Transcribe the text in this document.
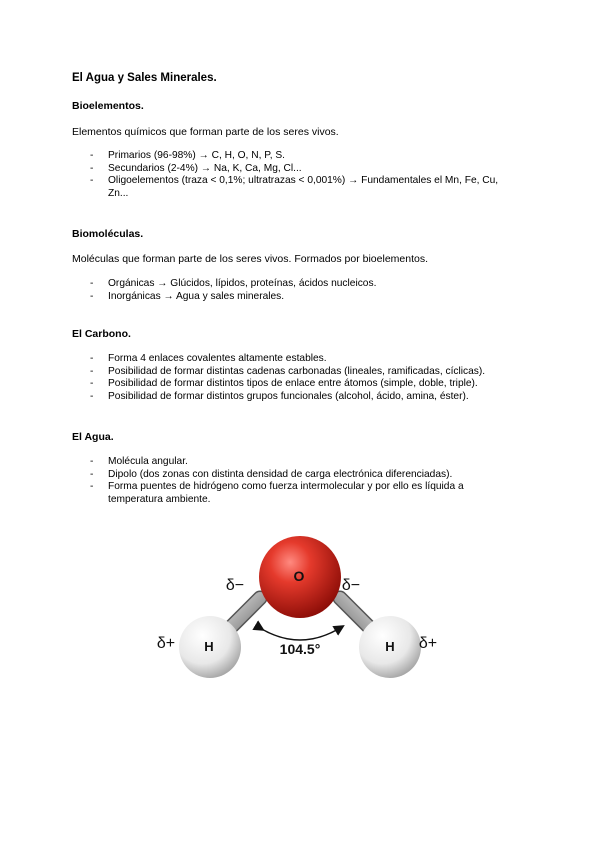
El Agua y Sales Minerales.
Bioelementos.

Elementos químicos que forman parte de los seres vivos.

- Primarios (96-98%) → C, H, O, N, P, S.
- Secundarios (2-4%) → Na, K, Ca, Mg, Cl...
- Oligoelementos (traza < 0,1%; ultratrazas < 0,001%) → Fundamentales el Mn, Fe, Cu, Zn...
Biomoléculas.

Moléculas que forman parte de los seres vivos. Formados por bioelementos.

- Orgánicas → Glúcidos, lípidos, proteínas, ácidos nucleicos.
- Inorgánicas → Agua y sales minerales.
El Carbono.
- Forma 4 enlaces covalentes altamente estables.
- Posibilidad de formar distintas cadenas carbonadas (lineales, ramificadas, cíclicas).
- Posibilidad de formar distintos tipos de enlace entre átomos (simple, doble, triple).
- Posibilidad de formar distintos grupos funcionales (alcohol, ácido, amina, éster).
El Agua.
- Molécula angular.
- Dipolo (dos zonas con distinta densidad de carga electrónica diferenciadas).
- Forma puentes de hidrógeno como fuerza intermolecular y por ello es líquida a temperatura ambiente.
O
H	H
104.5°
δ−	δ−
δ+	δ+
